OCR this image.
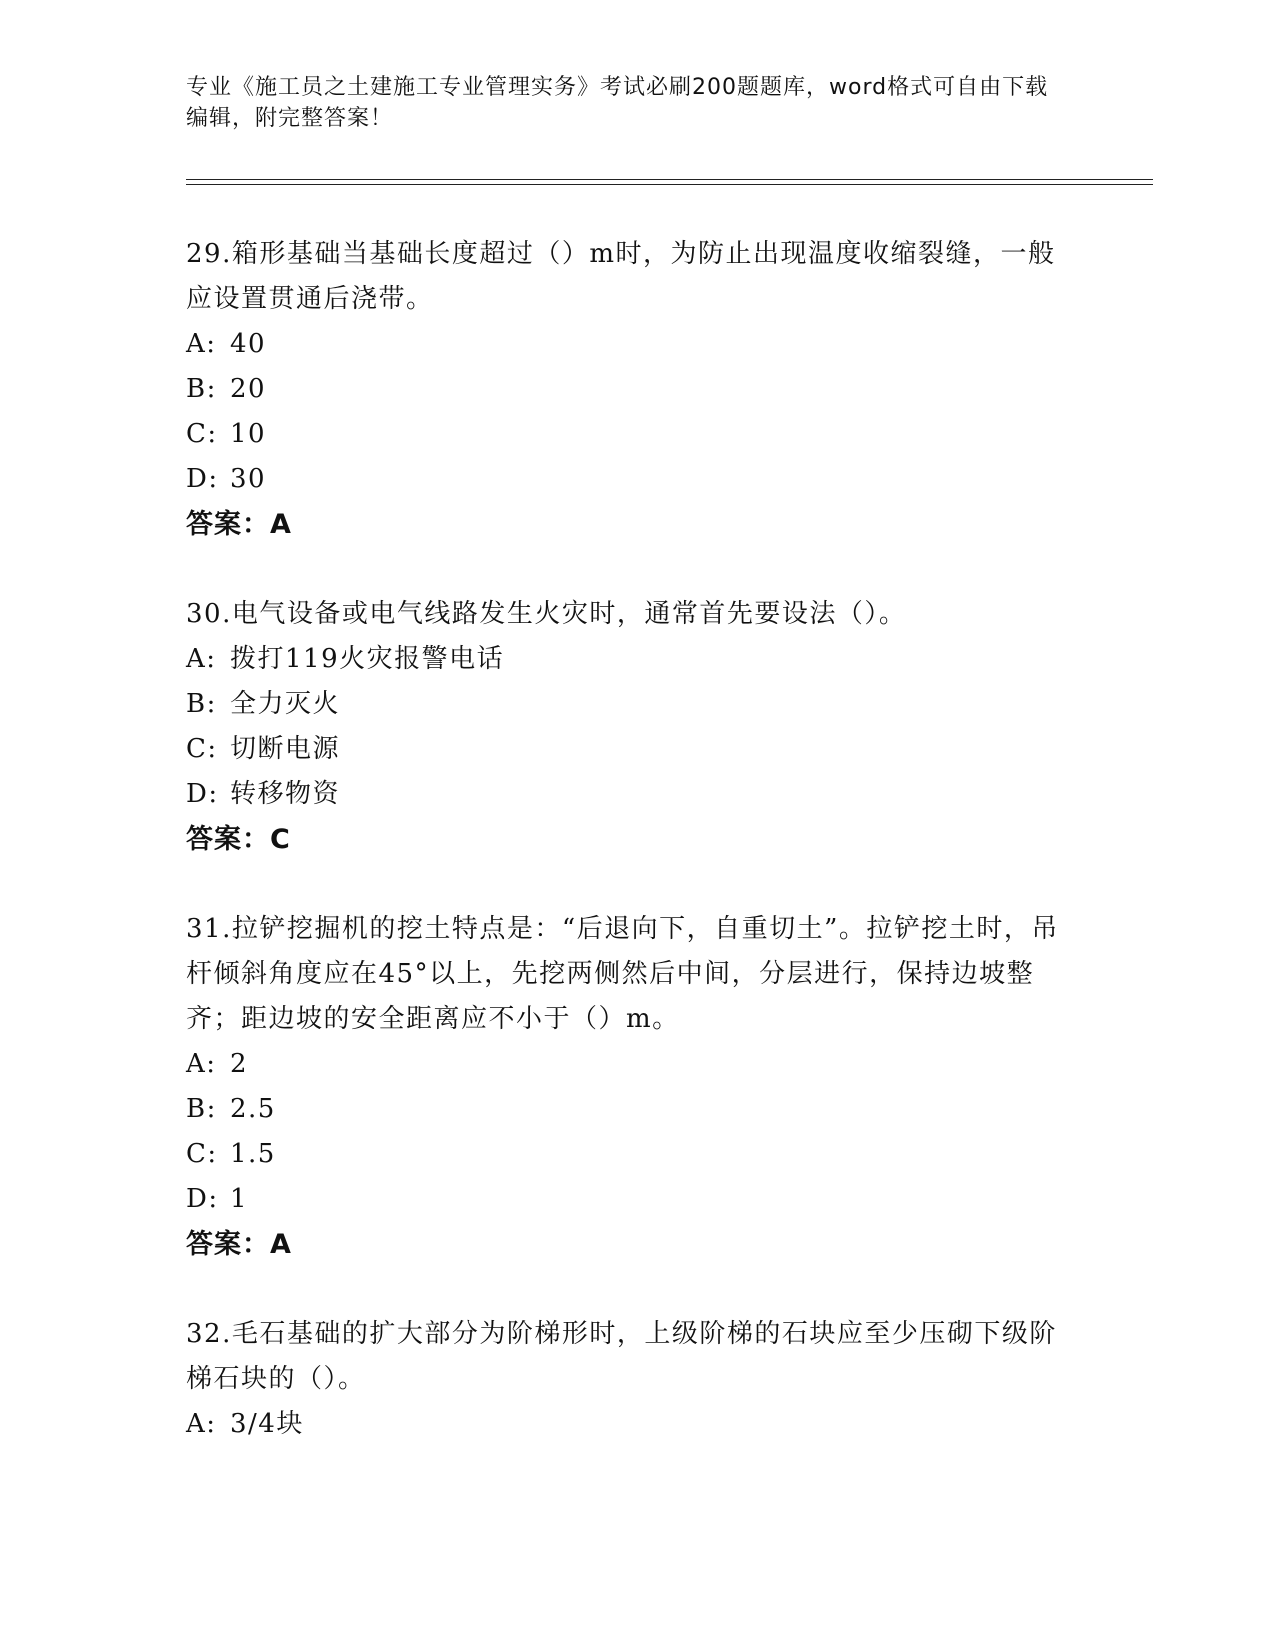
专业《施工员之土建施工专业管理实务》考试必刷200题题库，word格式可自由下载编辑，附完整答案！

29.箱形基础当基础长度超过（）m时，为防止出现温度收缩裂缝，一般应设置贯通后浇带。

A: 40

B: 20

C: 10

D: 30

答案：A

30.电气设备或电气线路发生火灾时，通常首先要设法（）。

A: 拨打119火灾报警电话

B: 全力灭火

C: 切断电源

D: 转移物资

答案：C

31.拉铲挖掘机的挖土特点是：“后退向下，自重切土”。拉铲挖土时，吊杆倾斜角度应在45°以上，先挖两侧然后中间，分层进行，保持边坡整齐；距边坡的安全距离应不小于（）m。

A: 2

B: 2.5

C: 1.5

D: 1

答案：A

32.毛石基础的扩大部分为阶梯形时，上级阶梯的石块应至少压砌下级阶梯石块的（）。

A: 3/4块
